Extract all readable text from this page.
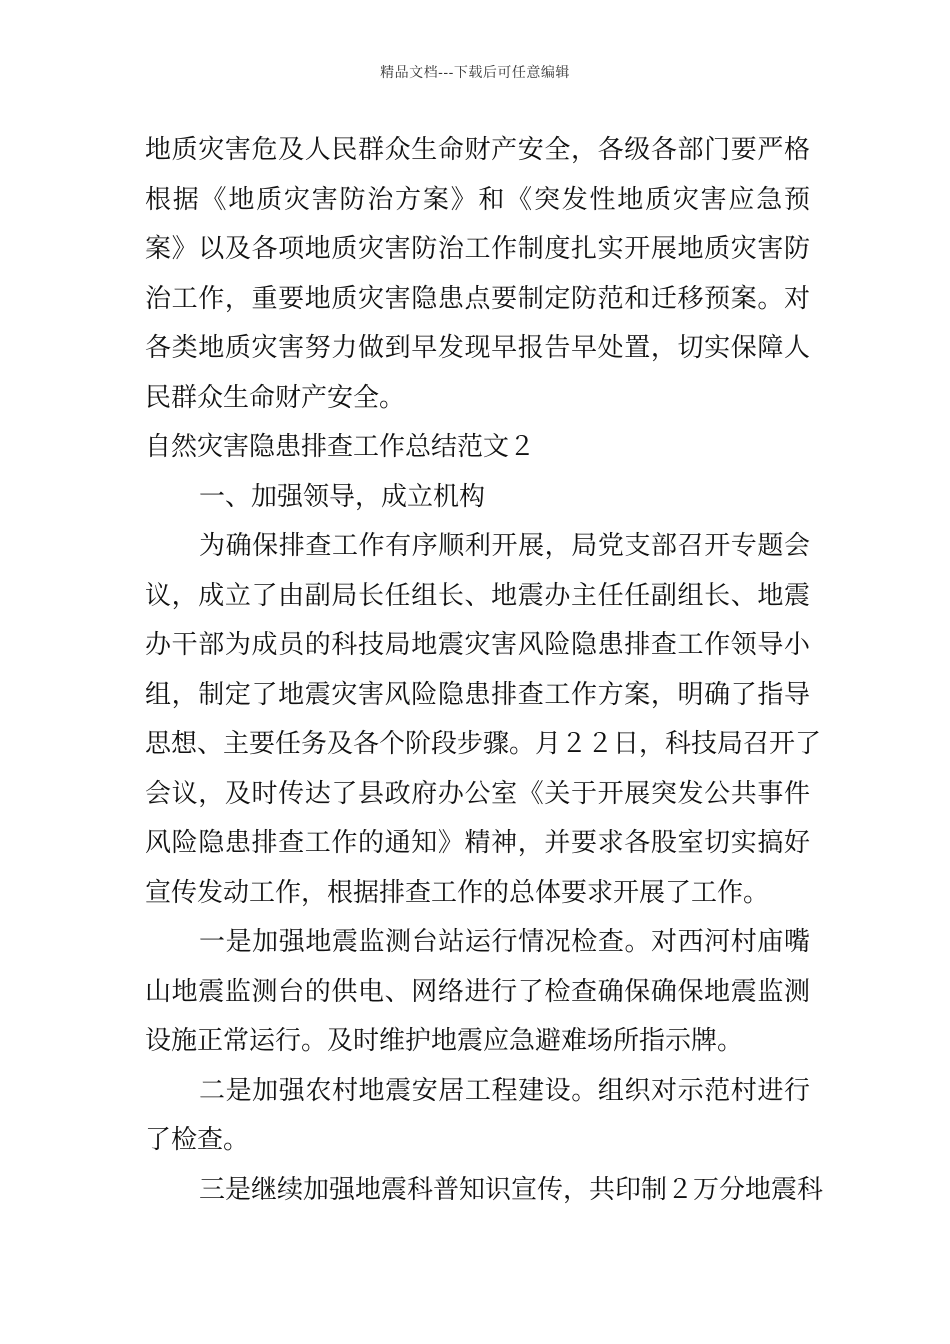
精品文档---下载后可任意编辑
地质灾害危及人民群众生命财产安全，各级各部门要严格
根据《地质灾害防治方案》和《突发性地质灾害应急预
案》以及各项地质灾害防治工作制度扎实开展地质灾害防
治工作，重要地质灾害隐患点要制定防范和迁移预案。对
各类地质灾害努力做到早发现早报告早处置，切实保障人
民群众生命财产安全。
自然灾害隐患排查工作总结范文２
一、加强领导，成立机构
为确保排查工作有序顺利开展，局党支部召开专题会
议，成立了由副局长任组长、地震办主任任副组长、地震
办干部为成员的科技局地震灾害风险隐患排查工作领导小
组，制定了地震灾害风险隐患排查工作方案，明确了指导
思想、主要任务及各个阶段步骤。月２２日，科技局召开了
会议，及时传达了县政府办公室《关于开展突发公共事件
风险隐患排查工作的通知》精神，并要求各股室切实搞好
宣传发动工作，根据排查工作的总体要求开展了工作。
一是加强地震监测台站运行情况检查。对西河村庙嘴
山地震监测台的供电、网络进行了检查确保确保地震监测
设施正常运行。及时维护地震应急避难场所指示牌。
二是加强农村地震安居工程建设。组织对示范村进行
了检查。
三是继续加强地震科普知识宣传，共印制２万分地震科
